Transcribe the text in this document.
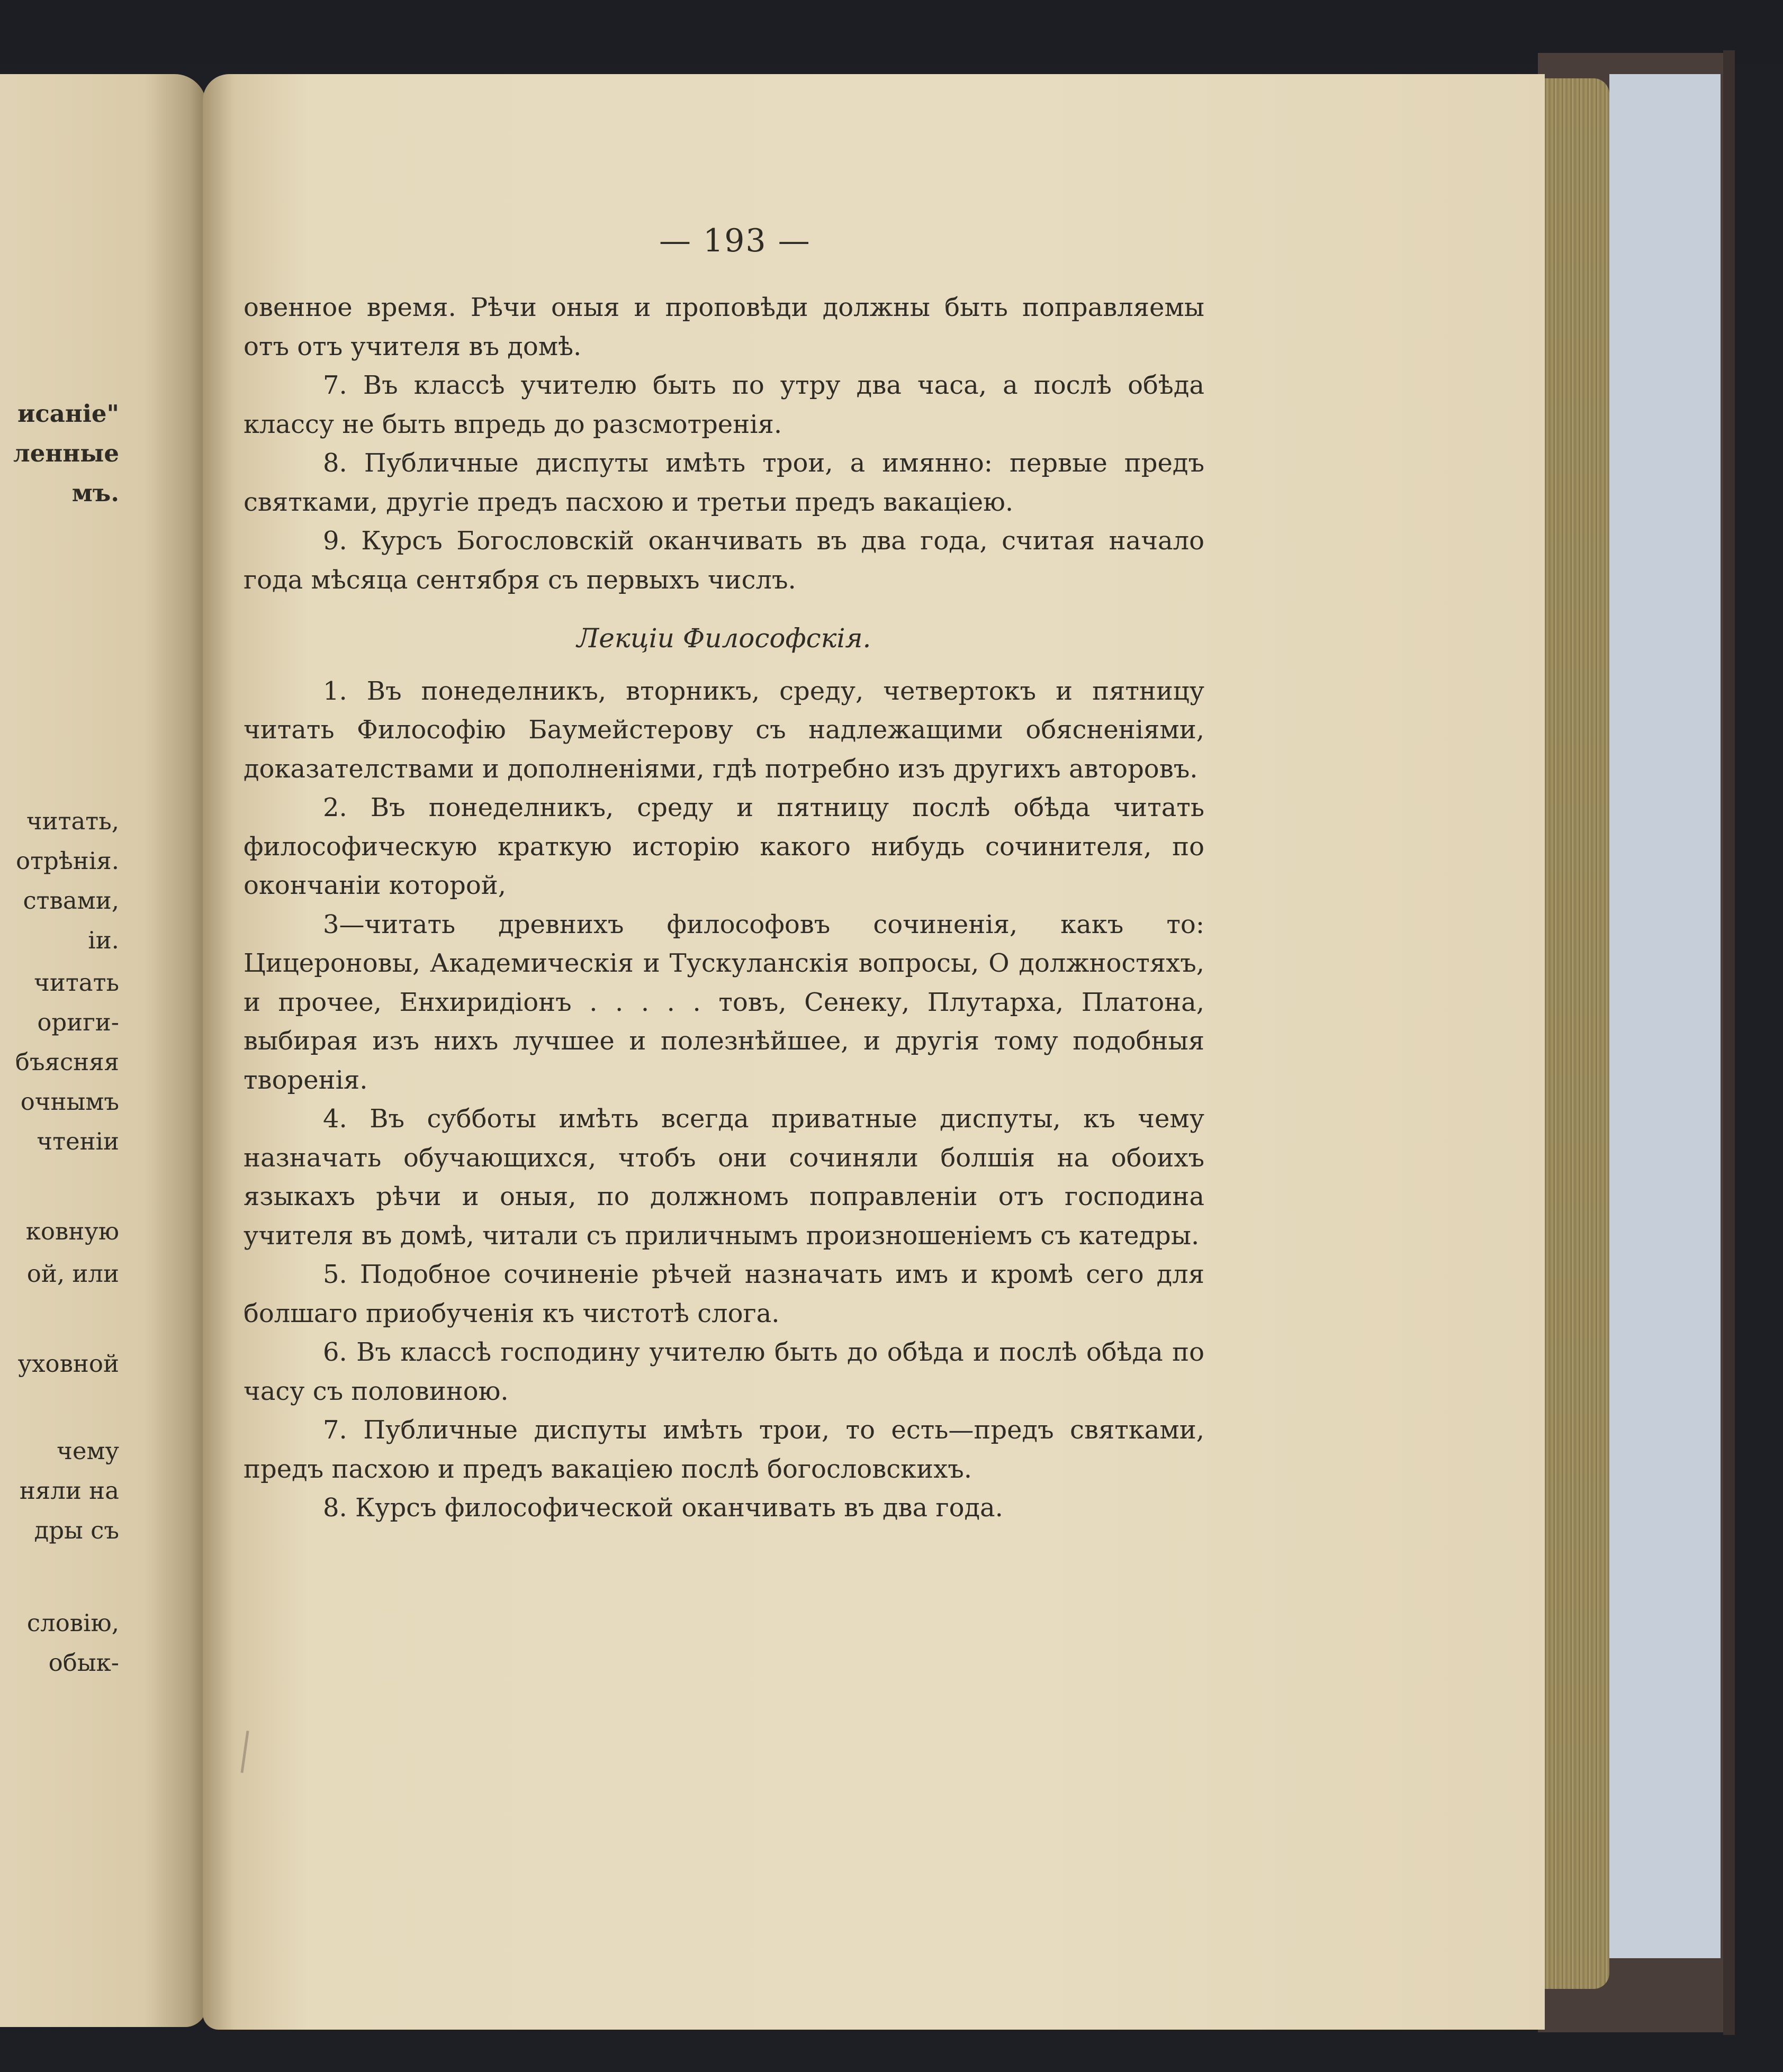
исаніе"
ленные
мъ.
читать,
отрѣнія.
ствами,
іи.
читать
ориги-
бъясняя
очнымъ
чтеніи
ковную
ой, или
уховной
чему
няли на
дры съ
словію,
обык-
— 193 —

овенное время. Рѣчи оныя и проповѣди должны быть поправляемы отъ отъ учителя въ домѣ.

7. Въ классѣ учителю быть по утру два часа, а послѣ обѣда классу не быть впредь до разсмотренія.

8. Публичные диспуты имѣть трои, а имянно: первые предъ святками, другіе предъ пасхою и третьи предъ вакаціею.

9. Курсъ Богословскій оканчивать въ два года, считая начало года мѣсяца сентября съ первыхъ числъ.

Лекціи Философскія.

1. Въ понеделникъ, вторникъ, среду, четвертокъ и пятницу читать Философію Баумейстерову съ надлежащими обясненіями, доказателствами и дополненіями, гдѣ потребно изъ другихъ авторовъ.

2. Въ понеделникъ, среду и пятницу послѣ обѣда читать философическую краткую исторію какого нибудь сочинителя, по окончаніи которой,

3—читать древнихъ философовъ сочиненія, какъ то: Цицероновы, Академическія и Тускуланскія вопросы, О должностяхъ, и прочее, Енхиридіонъ . . . . . товъ, Сенеку, Плутарха, Платона, выбирая изъ нихъ лучшее и полезнѣйшее, и другія тому подобныя творенія.

4. Въ субботы имѣть всегда приватные диспуты, къ чему назначать обучающихся, чтобъ они сочиняли болшія на обоихъ языкахъ рѣчи и оныя, по должномъ поправленіи отъ господина учителя въ домѣ, читали съ приличнымъ произношеніемъ съ катедры.

5. Подобное сочиненіе рѣчей назначать имъ и кромѣ сего для болшаго приобученія къ чистотѣ слога.

6. Въ классѣ господину учителю быть до обѣда и послѣ обѣда по часу съ половиною.

7. Публичные диспуты имѣть трои, то есть—предъ святками, предъ пасхою и предъ вакаціею послѣ богословскихъ.

8. Курсъ философической оканчивать въ два года.
